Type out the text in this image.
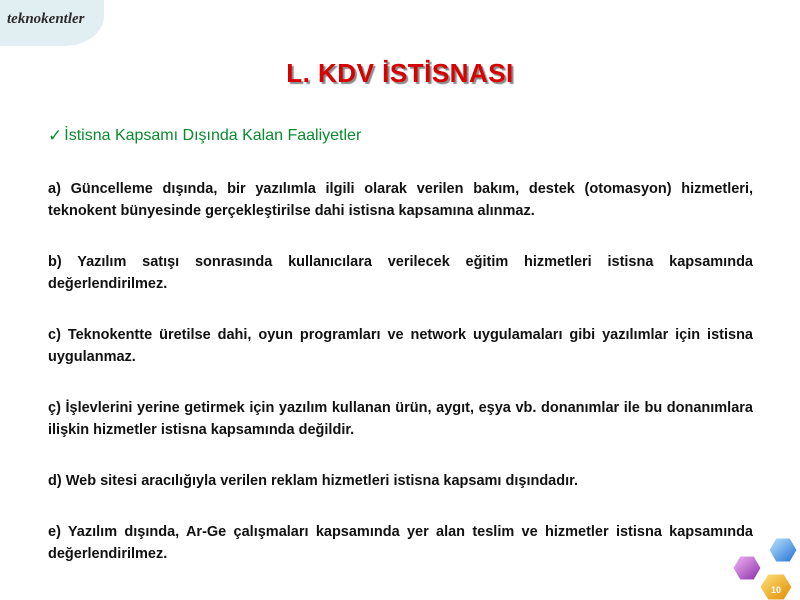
teknokentler
L. KDV İSTİSNASI
✓ İstisna Kapsamı Dışında Kalan Faaliyetler
a) Güncelleme dışında, bir yazılımla ilgili olarak verilen bakım, destek (otomasyon) hizmetleri, teknokent bünyesinde gerçekleştirilse dahi istisna kapsamına alınmaz.
b) Yazılım satışı sonrasında kullanıcılara verilecek eğitim hizmetleri istisna kapsamında değerlendirilmez.
c) Teknokentte üretilse dahi, oyun programları ve network uygulamaları gibi yazılımlar için istisna uygulanmaz.
ç) İşlevlerini yerine getirmek için yazılım kullanan ürün, aygıt, eşya vb. donanımlar ile bu donanımlara ilişkin hizmetler istisna kapsamında değildir.
d) Web sitesi aracılığıyla verilen reklam hizmetleri istisna kapsamı dışındadır.
e) Yazılım dışında, Ar-Ge çalışmaları kapsamında yer alan teslim ve hizmetler istisna kapsamında değerlendirilmez.
10
